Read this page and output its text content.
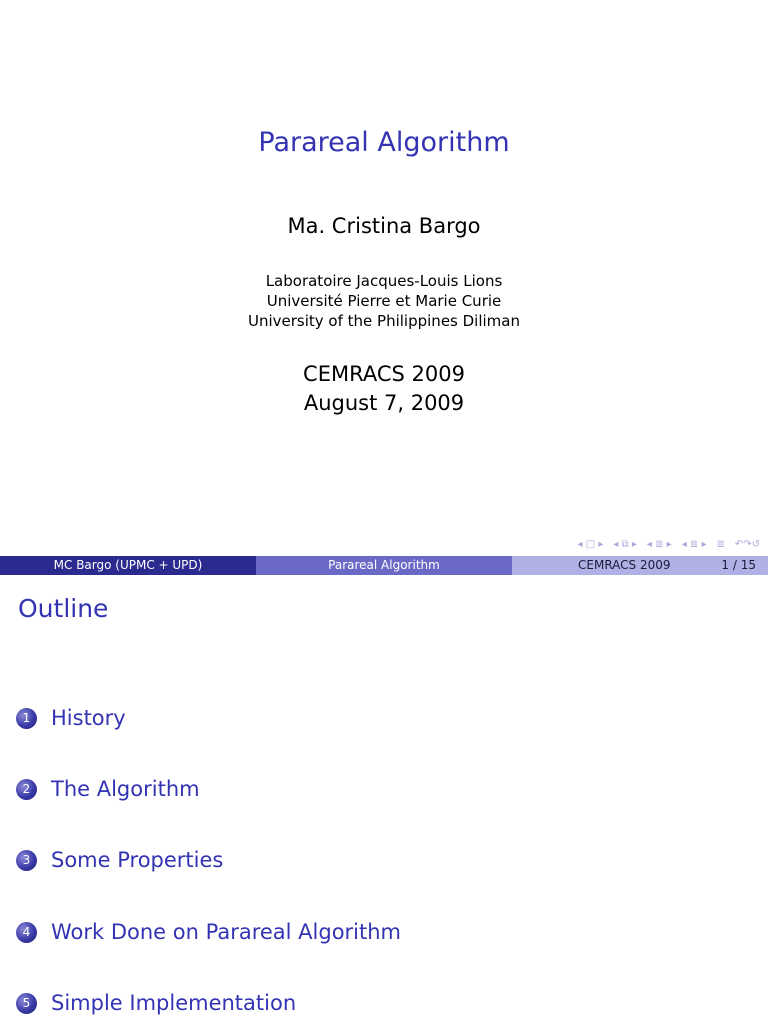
Parareal Algorithm
Ma. Cristina Bargo
Laboratoire Jacques-Louis Lions
Université Pierre et Marie Curie
University of the Philippines Diliman
CEMRACS 2009
August 7, 2009
◂ □ ▸ ◂ ⧉ ▸ ◂ ≣ ▸ ◂ ≣ ▸ ≣ ↶↷↺
MC Bargo (UPMC + UPD)	Parareal Algorithm	CEMRACS 2009	1 / 15
Outline
1 History
2 The Algorithm
3 Some Properties
4 Work Done on Parareal Algorithm
5 Simple Implementation
